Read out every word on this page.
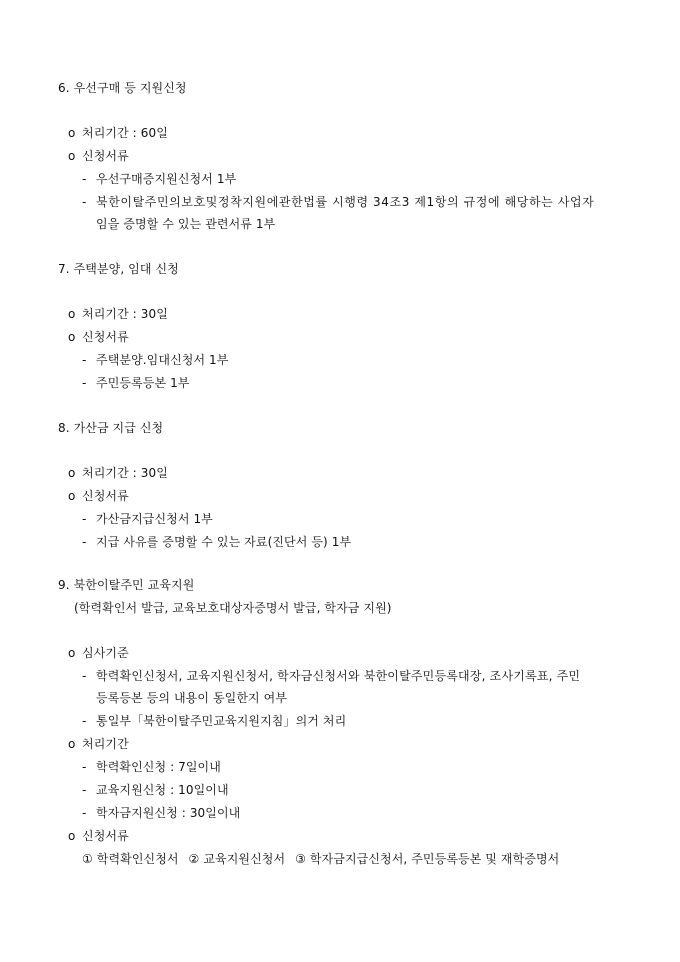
6. 우선구매 등 지원신청
o 처리기간 : 60일
o 신청서류
- 우선구매증지원신청서 1부
- 북한이탈주민의보호및정착지원에관한법률 시행령 34조3 제1항의 규정에 해당하는 사업자
임을 증명할 수 있는 관련서류 1부
7. 주택분양, 임대 신청
o 처리기간 : 30일
o 신청서류
- 주택분양.임대신청서 1부
- 주민등록등본 1부
8. 가산금 지급 신청
o 처리기간 : 30일
o 신청서류
- 가산금지급신청서 1부
- 지급 사유를 증명할 수 있는 자료(진단서 등) 1부
9. 북한이탈주민 교육지원
(학력확인서 발급, 교육보호대상자증명서 발급, 학자금 지원)
o 심사기준
- 학력확인신청서, 교육지원신청서, 학자금신청서와 북한이탈주민등록대장, 조사기록표, 주민
등록등본 등의 내용이 동일한지 여부
- 통일부「북한이탈주민교육지원지침」의거 처리
o 처리기간
- 학력확인신청 : 7일이내
- 교육지원신청 : 10일이내
- 학자금지원신청 : 30일이내
o 신청서류
① 학력확인신청서 ② 교육지원신청서 ③ 학자금지급신청서, 주민등록등본 및 재학증명서
